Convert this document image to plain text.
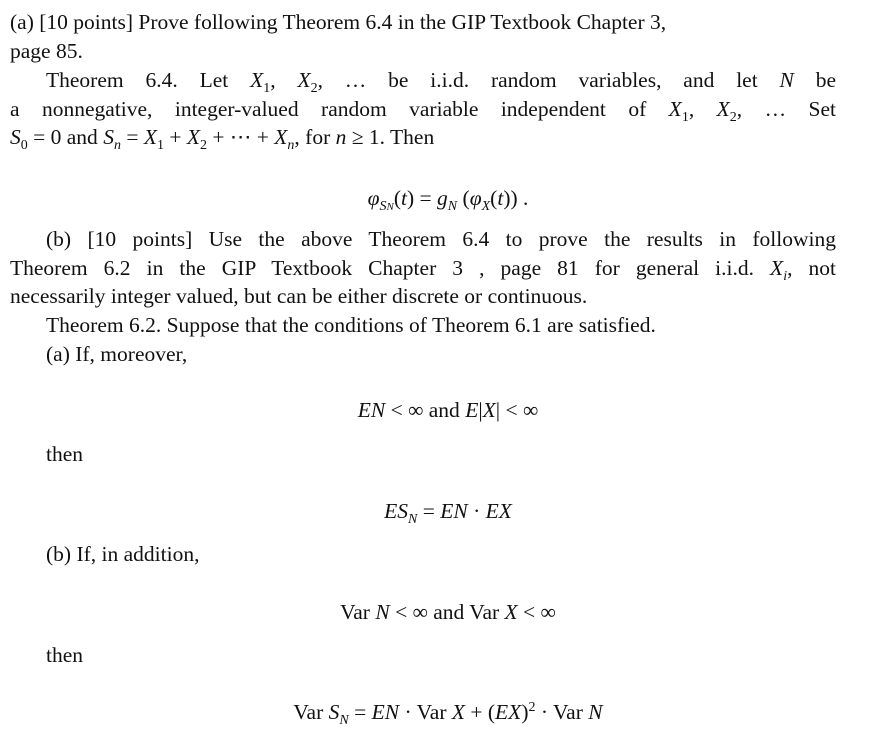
(a) [10 points] Prove following Theorem 6.4 in the GIP Textbook Chapter 3,
page 85.
Theorem 6.4. Let $X_1$, $X_2$, … be i.i.d. random variables, and let N be
a nonnegative, integer-valued random variable independent of $X_1$, $X_2$, … Set
$S_0 = 0$ and $S_n = X_1 + X_2$ + ⋯ + $X_n$, for n ≥ 1. Then
$\varphi_{SN}(t) = g_N$ $(\varphi_X(t))$ .
(b) [10 points] Use the above Theorem 6.4 to prove the results in following
Theorem 6.2 in the GIP Textbook Chapter 3 , page 81 for general i.i.d. $X_i$, not
necessarily integer valued, but can be either discrete or continuous.
Theorem 6.2. Suppose that the conditions of Theorem 6.1 are satisfied.
(a) If, moreover,
EN < ∞ and E|X| < ∞
then
$ES_N$ = EN · EX
(b) If, in addition,
Var N < ∞ and Var X < ∞
then
Var $S_N$ = EN · Var X + (EX)$^2$ · Var N
